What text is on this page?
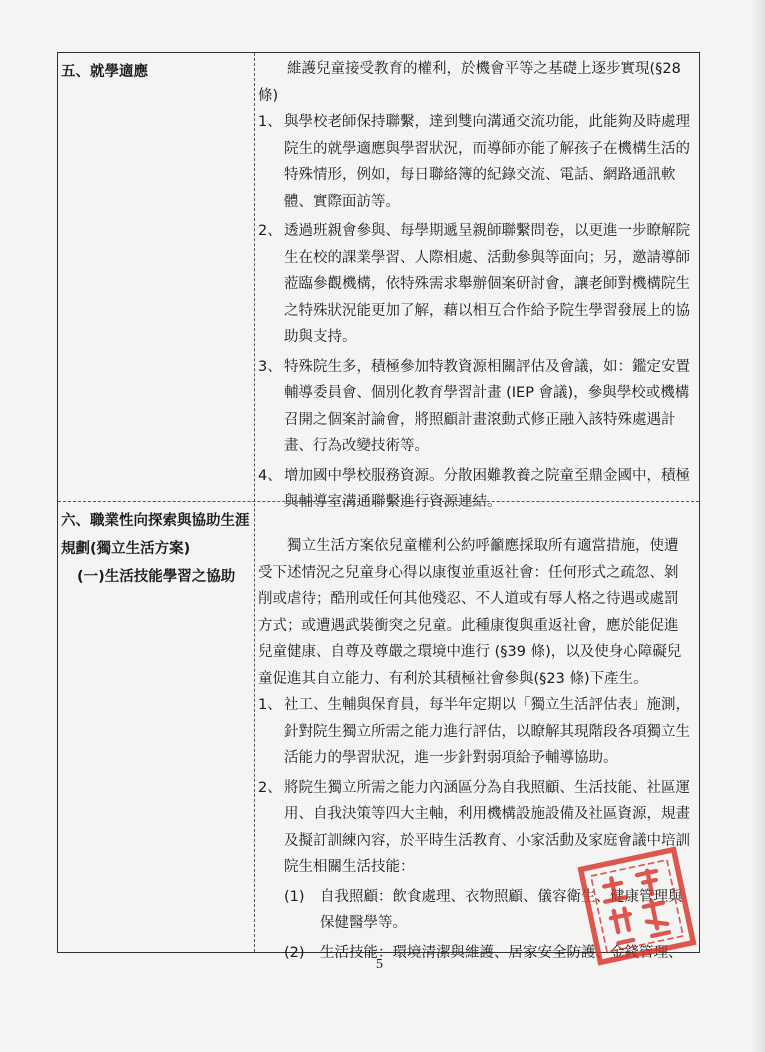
五、就學適應	維護兒童接受教育的權利，於機會平等之基礎上逐步實現(§28 條)

1、 與學校老師保持聯繫，達到雙向溝通交流功能，此能夠及時處理院生的就學適應與學習狀況，而導師亦能了解孩子在機構生活的特殊情形，例如，每日聯絡簿的紀錄交流、電話、網路通訊軟體、實際面訪等。
2、 透過班親會參與、每學期遞呈親師聯繫問卷，以更進一步瞭解院生在校的課業學習、人際相處、活動參與等面向；另，邀請導師蒞臨參觀機構，依特殊需求舉辦個案研討會，讓老師對機構院生之特殊狀況能更加了解，藉以相互合作給予院生學習發展上的協助與支持。
3、 特殊院生多，積極參加特教資源相關評估及會議，如：鑑定安置輔導委員會、個別化教育學習計畫 (IEP 會議)，參與學校或機構召開之個案討論會，將照顧計畫滾動式修正融入該特殊處遇計畫、行為改變技術等。
4、 增加國中學校服務資源。分散困難教養之院童至鼎金國中，積極與輔導室溝通聯繫進行資源連結。
六、職業性向探索與協助生涯
規劃(獨立生活方案)
(一)生活技能學習之協助

獨立生活方案依兒童權利公約呼籲應採取所有適當措施，使遭受下述情況之兒童身心得以康復並重返社會：任何形式之疏忽、剝削或虐待；酷刑或任何其他殘忍、不人道或有辱人格之待遇或處罰方式；或遭遇武裝衝突之兒童。此種康復與重返社會，應於能促進兒童健康、自尊及尊嚴之環境中進行 (§39 條)，以及使身心障礙兒童促進其自立能力、有利於其積極社會參與(§23 條)下產生。

1、 社工、生輔與保育員，每半年定期以「獨立生活評估表」施測，針對院生獨立所需之能力進行評估，以瞭解其現階段各項獨立生活能力的學習狀況，進一步針對弱項給予輔導協助。
2、 將院生獨立所需之能力內涵區分為自我照顧、生活技能、社區運用、自我決策等四大主軸，利用機構設施設備及社區資源，規畫及擬訂訓練內容，於平時生活教育、小家活動及家庭會議中培訓院生相關生活技能：
(1) 自我照顧：飲食處理、衣物照顧、儀容衛生、健康管理與保健醫學等。
(2) 生活技能：環境清潔與維護、居家安全防護、金錢管理、
5
